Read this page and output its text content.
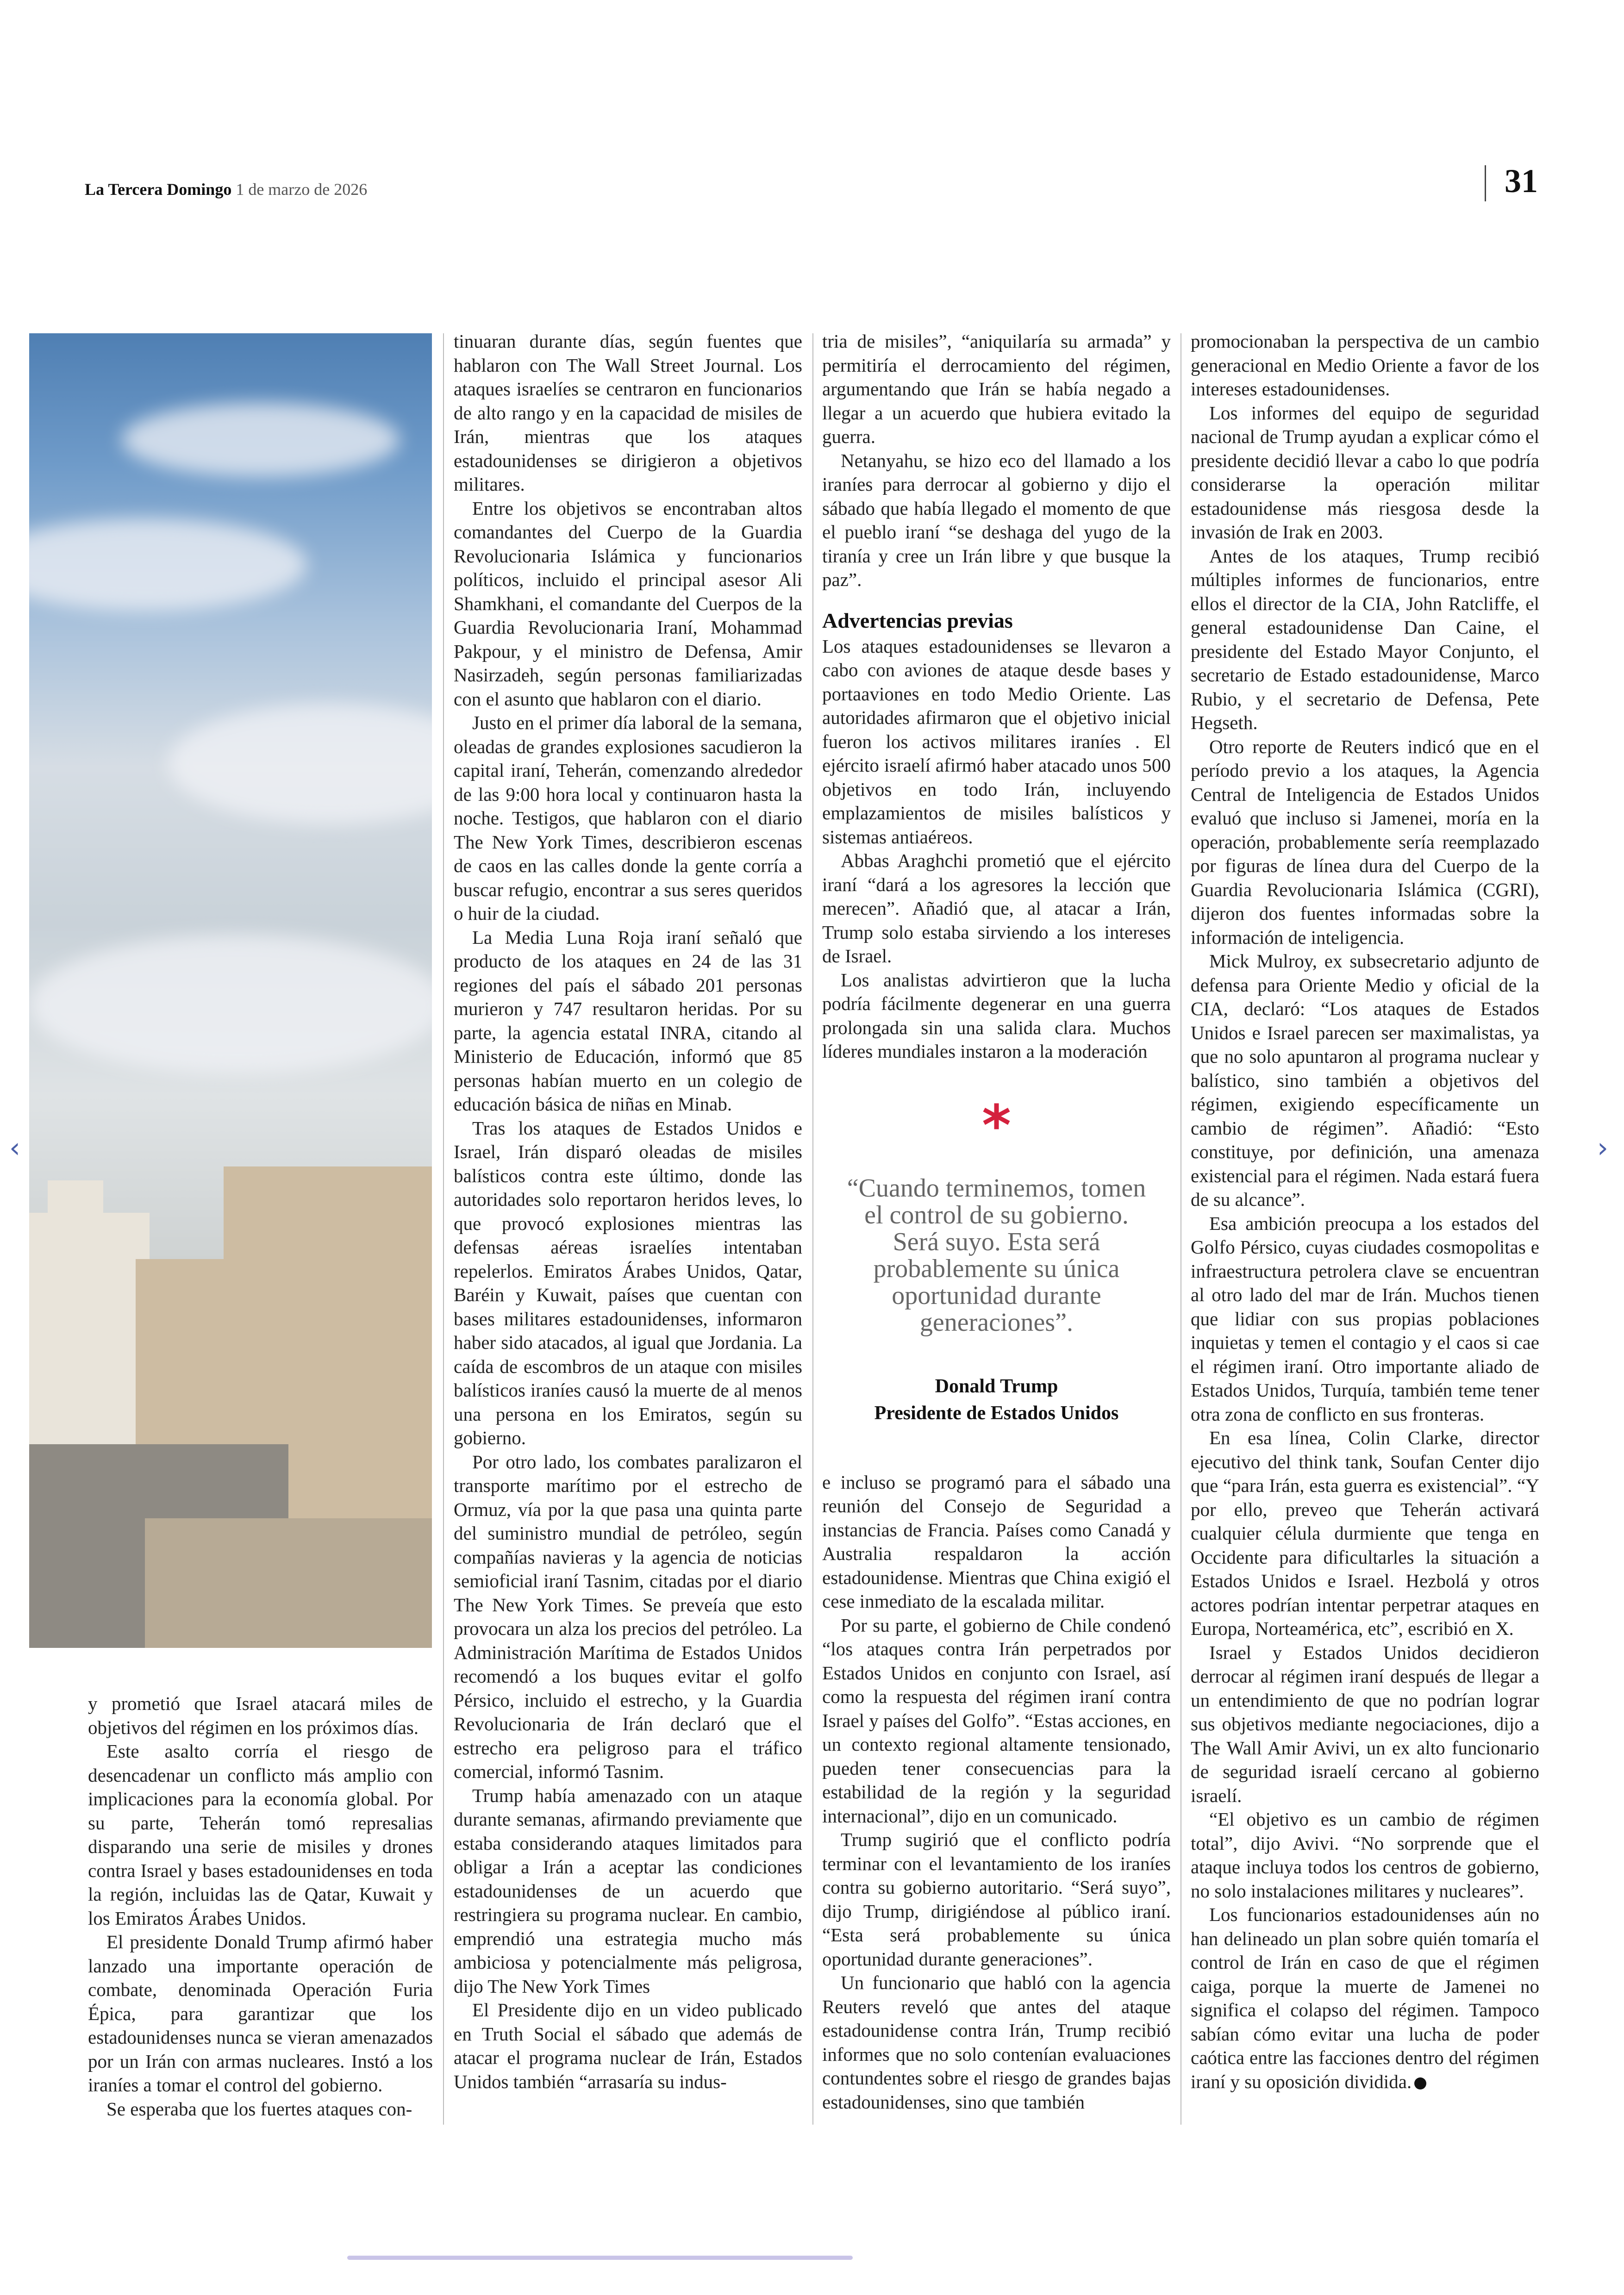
La Tercera Domingo 1 de marzo de 2026	31
‹	›

y prometió que Israel atacará miles de objetivos del régimen en los próximos días.

Este asalto corría el riesgo de desencadenar un conflicto más amplio con implicaciones para la economía global. Por su parte, Teherán tomó represalias disparando una serie de misiles y drones contra Israel y bases estadounidenses en toda la región, incluidas las de Qatar, Kuwait y los Emiratos Árabes Unidos.

El presidente Donald Trump afirmó haber lanzado una importante operación de combate, denominada Operación Furia Épica, para garantizar que los estadounidenses nunca se vieran amenazados por un Irán con armas nucleares. Instó a los iraníes a tomar el control del gobierno.

Se esperaba que los fuertes ataques con-

tinuaran durante días, según fuentes que hablaron con The Wall Street Journal. Los ataques israelíes se centraron en funcionarios de alto rango y en la capacidad de misiles de Irán, mientras que los ataques estadounidenses se dirigieron a objetivos militares.

Entre los objetivos se encontraban altos comandantes del Cuerpo de la Guardia Revolucionaria Islámica y funcionarios políticos, incluido el principal asesor Ali Shamkhani, el comandante del Cuerpos de la Guardia Revolucionaria Iraní, Mohammad Pakpour, y el ministro de Defensa, Amir Nasirzadeh, según personas familiarizadas con el asunto que hablaron con el diario.

Justo en el primer día laboral de la semana, oleadas de grandes explosiones sacudieron la capital iraní, Teherán, comenzando alrededor de las 9:00 hora local y continuaron hasta la noche. Testigos, que hablaron con el diario The New York Times, describieron escenas de caos en las calles donde la gente corría a buscar refugio, encontrar a sus seres queridos o huir de la ciudad.

La Media Luna Roja iraní señaló que producto de los ataques en 24 de las 31 regiones del país el sábado 201 personas murieron y 747 resultaron heridas. Por su parte, la agencia estatal INRA, citando al Ministerio de Educación, informó que 85 personas habían muerto en un colegio de educación básica de niñas en Minab.

Tras los ataques de Estados Unidos e Israel, Irán disparó oleadas de misiles balísticos contra este último, donde las autoridades solo reportaron heridos leves, lo que provocó explosiones mientras las defensas aéreas israelíes intentaban repelerlos. Emiratos Árabes Unidos, Qatar, Baréin y Kuwait, países que cuentan con bases militares estadounidenses, informaron haber sido atacados, al igual que Jordania. La caída de escombros de un ataque con misiles balísticos iraníes causó la muerte de al menos una persona en los Emiratos, según su gobierno.

Por otro lado, los combates paralizaron el transporte marítimo por el estrecho de Ormuz, vía por la que pasa una quinta parte del suministro mundial de petróleo, según compañías navieras y la agencia de noticias semioficial iraní Tasnim, citadas por el diario The New York Times. Se preveía que esto provocara un alza los precios del petróleo. La Administración Marítima de Estados Unidos recomendó a los buques evitar el golfo Pérsico, incluido el estrecho, y la Guardia Revolucionaria de Irán declaró que el estrecho era peligroso para el tráfico comercial, informó Tasnim.

Trump había amenazado con un ataque durante semanas, afirmando previamente que estaba considerando ataques limitados para obligar a Irán a aceptar las condiciones estadounidenses de un acuerdo que restringiera su programa nuclear. En cambio, emprendió una estrategia mucho más ambiciosa y potencialmente más peligrosa, dijo The New York Times

El Presidente dijo en un video publicado en Truth Social el sábado que además de atacar el programa nuclear de Irán, Estados Unidos también “arrasaría su indus-

tria de misiles”, “aniquilaría su armada” y permitiría el derrocamiento del régimen, argumentando que Irán se había negado a llegar a un acuerdo que hubiera evitado la guerra.

Netanyahu, se hizo eco del llamado a los iraníes para derrocar al gobierno y dijo el sábado que había llegado el momento de que el pueblo iraní “se deshaga del yugo de la tiranía y cree un Irán libre y que busque la paz”.

Advertencias previas

Los ataques estadounidenses se llevaron a cabo con aviones de ataque desde bases y portaaviones en todo Medio Oriente. Las autoridades afirmaron que el objetivo inicial fueron los activos militares iraníes . El ejército israelí afirmó haber atacado unos 500 objetivos en todo Irán, incluyendo emplazamientos de misiles balísticos y sistemas antiaéreos.

Abbas Araghchi prometió que el ejército iraní “dará a los agresores la lección que merecen”. Añadió que, al atacar a Irán, Trump solo estaba sirviendo a los intereses de Israel.

Los analistas advirtieron que la lucha podría fácilmente degenerar en una guerra prolongada sin una salida clara. Muchos líderes mundiales instaron a la moderación

*
“Cuando terminemos, tomen el control de su gobierno. Será suyo. Esta será probablemente su única oportunidad durante generaciones”.
Donald Trump
Presidente de Estados Unidos

e incluso se programó para el sábado una reunión del Consejo de Seguridad a instancias de Francia. Países como Canadá y Australia respaldaron la acción estadounidense. Mientras que China exigió el cese inmediato de la escalada militar.

Por su parte, el gobierno de Chile condenó “los ataques contra Irán perpetrados por Estados Unidos en conjunto con Israel, así como la respuesta del régimen iraní contra Israel y países del Golfo”. “Estas acciones, en un contexto regional altamente tensionado, pueden tener consecuencias para la estabilidad de la región y la seguridad internacional”, dijo en un comunicado.

Trump sugirió que el conflicto podría terminar con el levantamiento de los iraníes contra su gobierno autoritario. “Será suyo”, dijo Trump, dirigiéndose al público iraní. “Esta será probablemente su única oportunidad durante generaciones”.

Un funcionario que habló con la agencia Reuters reveló que antes del ataque estadounidense contra Irán, Trump recibió informes que no solo contenían evaluaciones contundentes sobre el riesgo de grandes bajas estadounidenses, sino que también

promocionaban la perspectiva de un cambio generacional en Medio Oriente a favor de los intereses estadounidenses.

Los informes del equipo de seguridad nacional de Trump ayudan a explicar cómo el presidente decidió llevar a cabo lo que podría considerarse la operación militar estadounidense más riesgosa desde la invasión de Irak en 2003.

Antes de los ataques, Trump recibió múltiples informes de funcionarios, entre ellos el director de la CIA, John Ratcliffe, el general estadounidense Dan Caine, el presidente del Estado Mayor Conjunto, el secretario de Estado estadounidense, Marco Rubio, y el secretario de Defensa, Pete Hegseth.

Otro reporte de Reuters indicó que en el período previo a los ataques, la Agencia Central de Inteligencia de Estados Unidos evaluó que incluso si Jamenei, moría en la operación, probablemente sería reemplazado por figuras de línea dura del Cuerpo de la Guardia Revolucionaria Islámica (CGRI), dijeron dos fuentes informadas sobre la información de inteligencia.

Mick Mulroy, ex subsecretario adjunto de defensa para Oriente Medio y oficial de la CIA, declaró: “Los ataques de Estados Unidos e Israel parecen ser maximalistas, ya que no solo apuntaron al programa nuclear y balístico, sino también a objetivos del régimen, exigiendo específicamente un cambio de régimen”. Añadió: “Esto constituye, por definición, una amenaza existencial para el régimen. Nada estará fuera de su alcance”.

Esa ambición preocupa a los estados del Golfo Pérsico, cuyas ciudades cosmopolitas e infraestructura petrolera clave se encuentran al otro lado del mar de Irán. Muchos tienen que lidiar con sus propias poblaciones inquietas y temen el contagio y el caos si cae el régimen iraní. Otro importante aliado de Estados Unidos, Turquía, también teme tener otra zona de conflicto en sus fronteras.

En esa línea, Colin Clarke, director ejecutivo del think tank, Soufan Center dijo que “para Irán, esta guerra es existencial”. “Y por ello, preveo que Teherán activará cualquier célula durmiente que tenga en Occidente para dificultarles la situación a Estados Unidos e Israel. Hezbolá y otros actores podrían intentar perpetrar ataques en Europa, Norteamérica, etc”, escribió en X.

Israel y Estados Unidos decidieron derrocar al régimen iraní después de llegar a un entendimiento de que no podrían lograr sus objetivos mediante negociaciones, dijo a The Wall Amir Avivi, un ex alto funcionario de seguridad israelí cercano al gobierno israelí.

“El objetivo es un cambio de régimen total”, dijo Avivi. “No sorprende que el ataque incluya todos los centros de gobierno, no solo instalaciones militares y nucleares”.

Los funcionarios estadounidenses aún no han delineado un plan sobre quién tomaría el control de Irán en caso de que el régimen caiga, porque la muerte de Jamenei no significa el colapso del régimen. Tampoco sabían cómo evitar una lucha de poder caótica entre las facciones dentro del régimen iraní y su oposición dividida.
